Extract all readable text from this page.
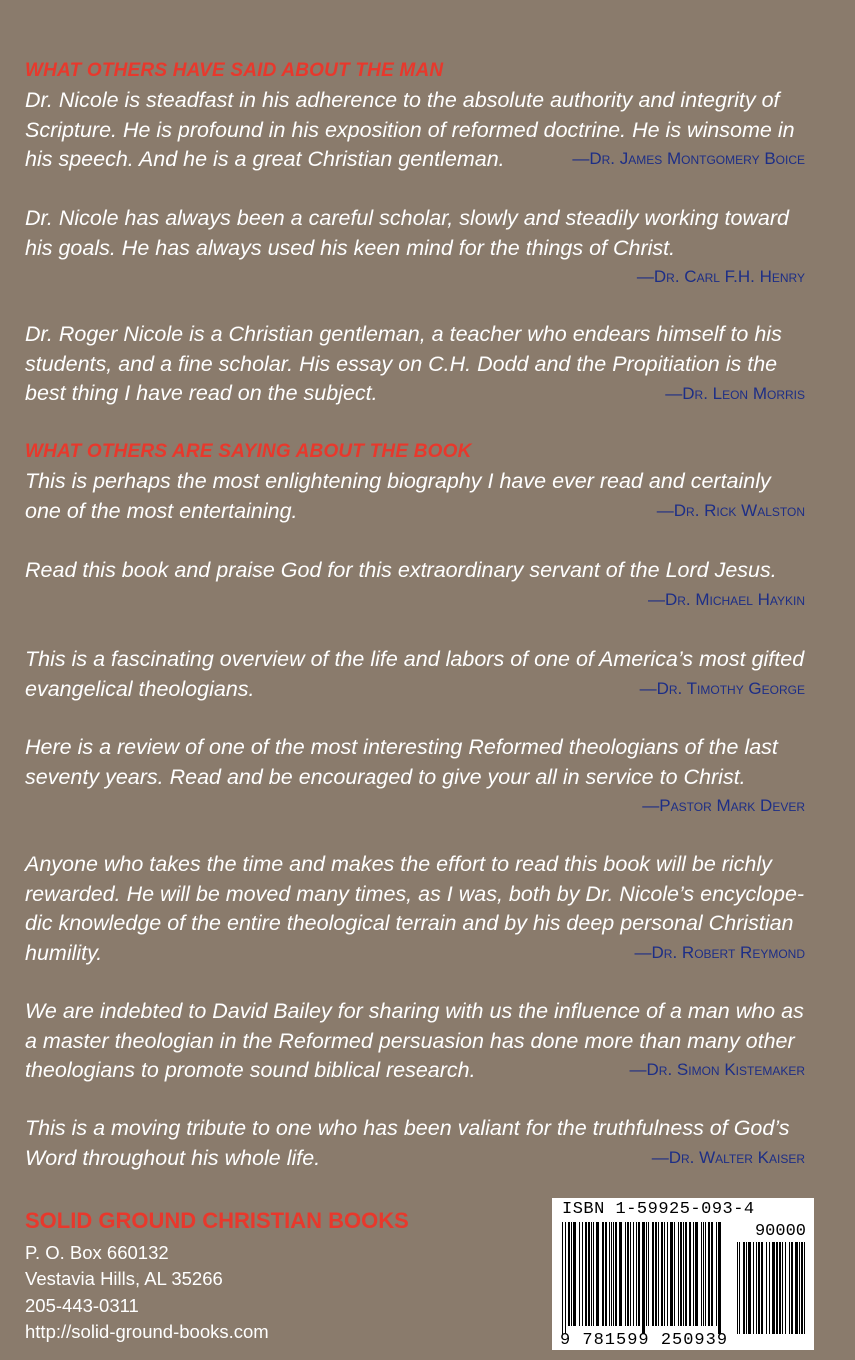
WHAT OTHERS HAVE SAID ABOUT THE MAN

Dr. Nicole is steadfast in his adherence to the absolute authority and integrity of
Scripture. He is profound in his exposition of reformed doctrine. He is winsome in
his speech. And he is a great Christian gentleman.	—Dr. James Montgomery Boice

Dr. Nicole has always been a careful scholar, slowly and steadily working toward
his goals. He has always used his keen mind for the things of Christ.

—Dr. Carl F.H. Henry

Dr. Roger Nicole is a Christian gentleman, a teacher who endears himself to his
students, and a fine scholar. His essay on C.H. Dodd and the Propitiation is the
best thing I have read on the subject.	—Dr. Leon Morris
WHAT OTHERS ARE SAYING ABOUT THE BOOK

This is perhaps the most enlightening biography I have ever read and certainly
one of the most entertaining.	—Dr. Rick Walston

Read this book and praise God for this extraordinary servant of the Lord Jesus.

—Dr. Michael Haykin

This is a fascinating overview of the life and labors of one of America’s most gifted
evangelical theologians.	—Dr. Timothy George

Here is a review of one of the most interesting Reformed theologians of the last
seventy years. Read and be encouraged to give your all in service to Christ.

—Pastor Mark Dever

Anyone who takes the time and makes the effort to read this book will be richly
rewarded. He will be moved many times, as I was, both by Dr. Nicole’s encyclope-
dic knowledge of the entire theological terrain and by his deep personal Christian
humility.	—Dr. Robert Reymond

We are indebted to David Bailey for sharing with us the influence of a man who as
a master theologian in the Reformed persuasion has done more than many other
theologians to promote sound biblical research.	—Dr. Simon Kistemaker

This is a moving tribute to one who has been valiant for the truthfulness of God’s
Word throughout his whole life.	—Dr. Walter Kaiser
SOLID GROUND CHRISTIAN BOOKS
P. O. Box 660132
Vestavia Hills, AL 35266
205-443-0311
http://solid-ground-books.com
ISBN 1-59925-093-4
90000
9 781599 250939
